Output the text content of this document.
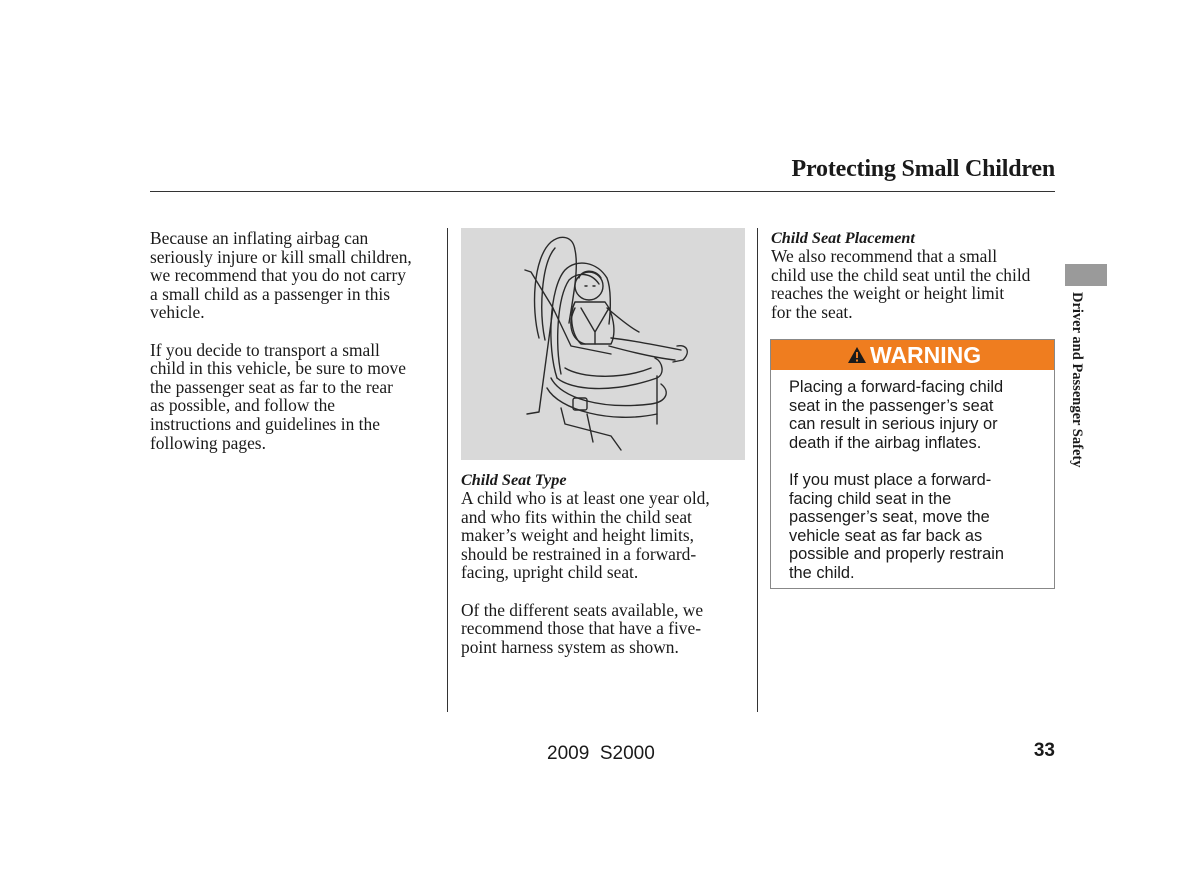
Protecting Small Children

Because an inflating airbag can
seriously injure or kill small children,
we recommend that you do not carry
a small child as a passenger in this
vehicle.

If you decide to transport a small
child in this vehicle, be sure to move
the passenger seat as far to the rear
as possible, and follow the
instructions and guidelines in the
following pages.

Child Seat Type

A child who is at least one year old,
and who fits within the child seat
maker’s weight and height limits,
should be restrained in a forward-
facing, upright child seat.

Of the different seats available, we
recommend those that have a five-
point harness system as shown.

Child Seat Placement

We also recommend that a small
child use the child seat until the child
reaches the weight or height limit
for the seat.

WARNING

Placing a forward-facing child
seat in the passenger’s seat
can result in serious injury or
death if the airbag inflates.

If you must place a forward-
facing child seat in the
passenger’s seat, move the
vehicle seat as far back as
possible and properly restrain
the child.

Driver and Passenger Safety
2009  S2000	33
